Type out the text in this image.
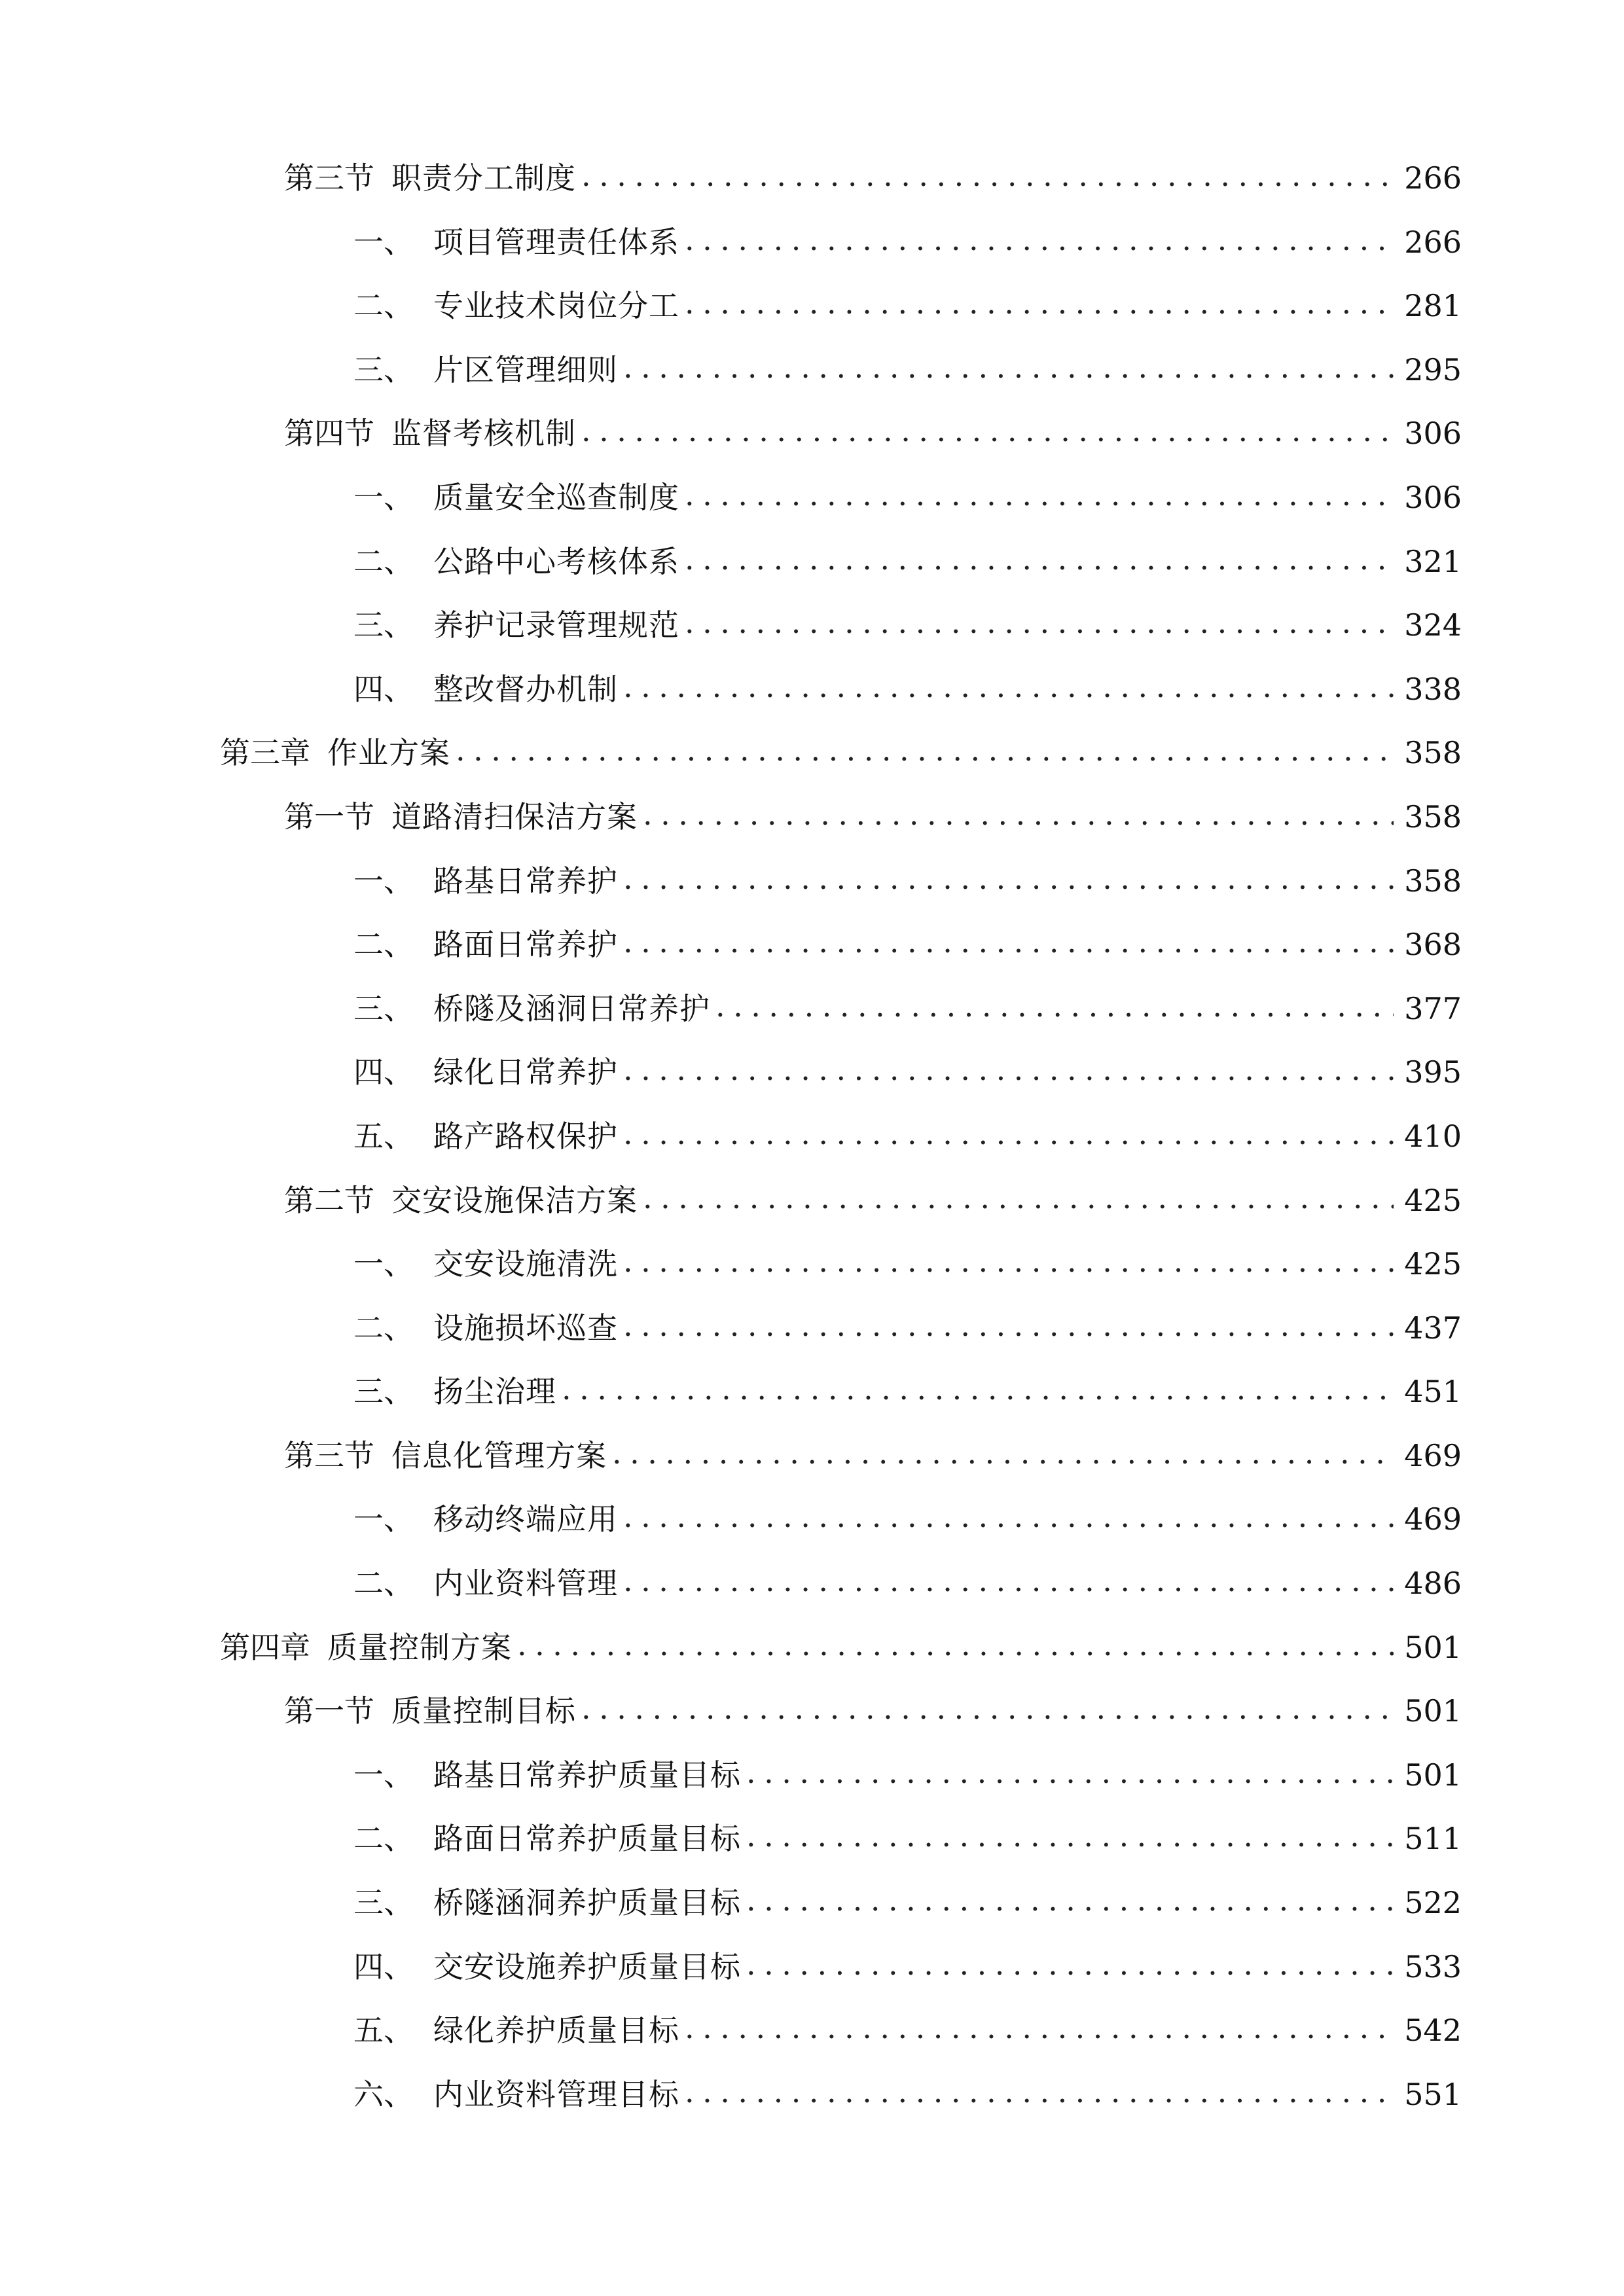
第三节 职责分工制度 .....	266
一、 项目管理责任体系 .....	266
二、 专业技术岗位分工 .....	281
三、 片区管理细则 .....	295
第四节 监督考核机制 .....	306
一、 质量安全巡查制度 .....	306
二、 公路中心考核体系 .....	321
三、 养护记录管理规范 .....	324
四、 整改督办机制 .....	338
第三章 作业方案 .....	358
第一节 道路清扫保洁方案 .....	358
一、 路基日常养护 .....	358
二、 路面日常养护 .....	368
三、 桥隧及涵洞日常养护 .....	377
四、 绿化日常养护 .....	395
五、 路产路权保护 .....	410
第二节 交安设施保洁方案 .....	425
一、 交安设施清洗 .....	425
二、 设施损坏巡查 .....	437
三、 扬尘治理 .....	451
第三节 信息化管理方案 .....	469
一、 移动终端应用 .....	469
二、 内业资料管理 .....	486
第四章 质量控制方案 .....	501
第一节 质量控制目标 .....	501
一、 路基日常养护质量目标 .....	501
二、 路面日常养护质量目标 .....	511
三、 桥隧涵洞养护质量目标 .....	522
四、 交安设施养护质量目标 .....	533
五、 绿化养护质量目标 .....	542
六、 内业资料管理目标 .....	551
